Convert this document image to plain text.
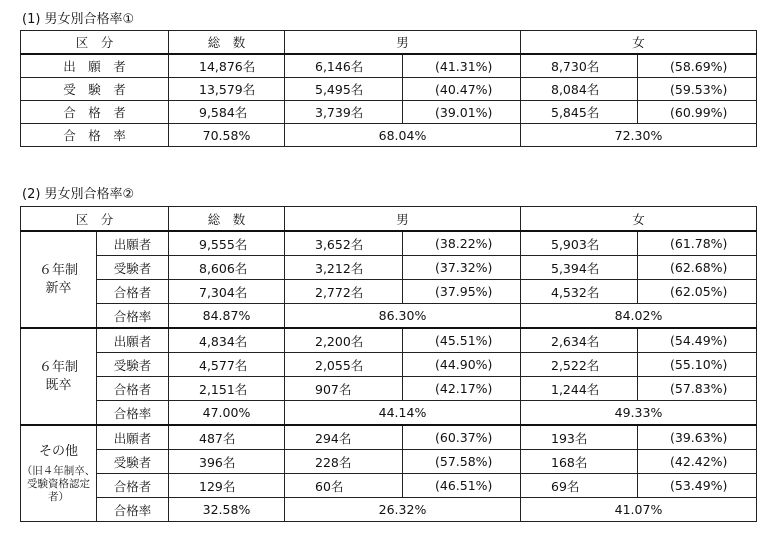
(1) 男女別合格率①
区　分	総　数	男		女	
出　願　者	14,876名	6,146名	(41.31%)	8,730名	(58.69%)
受　験　者	13,579名	5,495名	(40.47%)	8,084名	(59.53%)
合　格　者	9,584名	3,739名	(39.01%)	5,845名	(60.99%)
合　格　率	70.58%	68.04%		72.30%	
(2) 男女別合格率②
区　分		総　数	男		女	
６年制
新卒	出願者	9,555名	3,652名	(38.22%)	5,903名	(61.78%)
	受験者	8,606名	3,212名	(37.32%)	5,394名	(62.68%)
	合格者	7,304名	2,772名	(37.95%)	4,532名	(62.05%)
	合格率	84.87%	86.30%		84.02%	
６年制
既卒	出願者	4,834名	2,200名	(45.51%)	2,634名	(54.49%)
	受験者	4,577名	2,055名	(44.90%)	2,522名	(55.10%)
	合格者	2,151名	907名	(42.17%)	1,244名	(57.83%)
	合格率	47.00%	44.14%		49.33%	
その他
（旧４年制卒、受験資格認定者）	出願者	487名	294名	(60.37%)	193名	(39.63%)
	受験者	396名	228名	(57.58%)	168名	(42.42%)
	合格者	129名	60名	(46.51%)	69名	(53.49%)
	合格率	32.58%	26.32%		41.07%	
